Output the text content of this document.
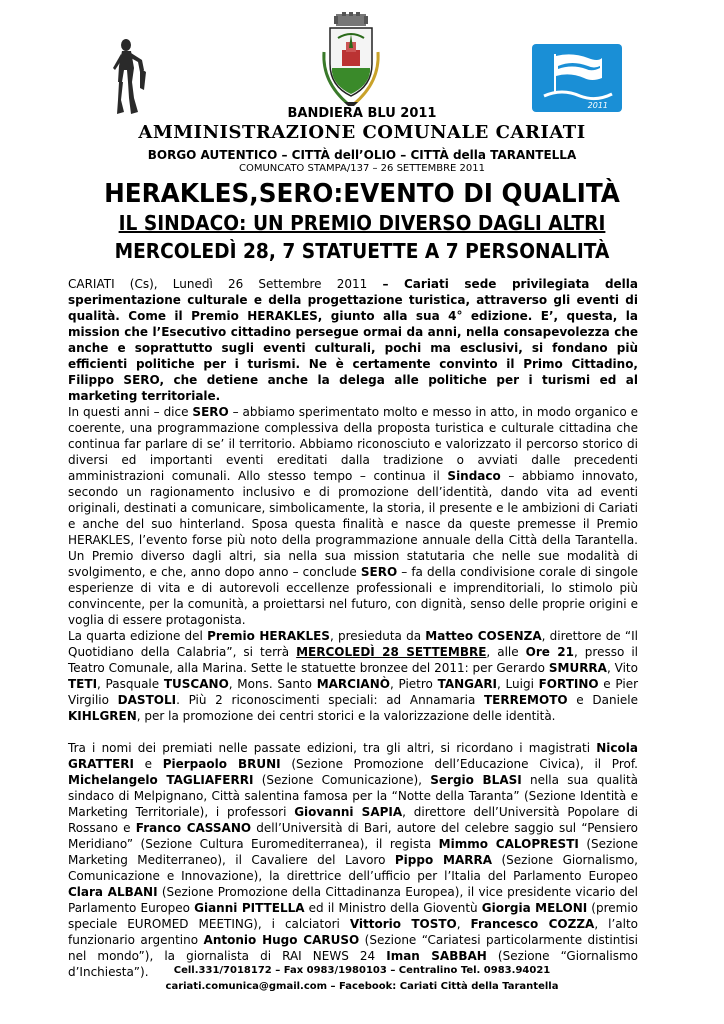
2011
BANDIERA BLU 2011
AMMINISTRAZIONE COMUNALE CARIATI
BORGO AUTENTICO – CITTÀ dell’OLIO – CITTÀ della TARANTELLA
COMUNCATO STAMPA/137 – 26 SETTEMBRE 2011
HERAKLES,SERO:EVENTO DI QUALITÀ
IL SINDACO: UN PREMIO DIVERSO DAGLI ALTRI
MERCOLEDÌ 28, 7 STATUETTE A 7 PERSONALITÀ

CARIATI (Cs), Lunedì 26 Settembre 2011 – Cariati sede privilegiata della sperimentazione culturale e della progettazione turistica, attraverso gli eventi di qualità. Come il Premio HERAKLES, giunto alla sua 4° edizione. E’, questa, la mission che l’Esecutivo cittadino persegue ormai da anni, nella consapevolezza che anche e soprattutto sugli eventi culturali, pochi ma esclusivi, si fondano più efficienti politiche per i turismi. Ne è certamente convinto il Primo Cittadino, Filippo SERO, che detiene anche la delega alle politiche per i turismi ed al marketing territoriale.

In questi anni – dice SERO – abbiamo sperimentato molto e messo in atto, in modo organico e coerente, una programmazione complessiva della proposta turistica e culturale cittadina che continua far parlare di se’ il territorio. Abbiamo riconosciuto e valorizzato il percorso storico di diversi ed importanti eventi ereditati dalla tradizione o avviati dalle precedenti amministrazioni comunali. Allo stesso tempo – continua il Sindaco – abbiamo innovato, secondo un ragionamento inclusivo e di promozione dell’identità, dando vita ad eventi originali, destinati a comunicare, simbolicamente, la storia, il presente e le ambizioni di Cariati e anche del suo hinterland. Sposa questa finalità e nasce da queste premesse il Premio HERAKLES, l’evento forse più noto della programmazione annuale della Città della Tarantella. Un Premio diverso dagli altri, sia nella sua mission statutaria che nelle sue modalità di svolgimento, e che, anno dopo anno – conclude SERO – fa della condivisione corale di singole esperienze di vita e di autorevoli eccellenze professionali e imprenditoriali, lo stimolo più convincente, per la comunità, a proiettarsi nel futuro, con dignità, senso delle proprie origini e voglia di essere protagonista.

La quarta edizione del Premio HERAKLES, presieduta da Matteo COSENZA, direttore de “Il Quotidiano della Calabria”, si terrà MERCOLEDÌ 28 SETTEMBRE, alle Ore 21, presso il Teatro Comunale, alla Marina. Sette le statuette bronzee del 2011: per Gerardo SMURRA, Vito TETI, Pasquale TUSCANO, Mons. Santo MARCIANÒ, Pietro TANGARI, Luigi FORTINO e Pier Virgilio DASTOLI. Più 2 riconoscimenti speciali: ad Annamaria TERREMOTO e Daniele KIHLGREN, per la promozione dei centri storici e la valorizzazione delle identità.

Tra i nomi dei premiati nelle passate edizioni, tra gli altri, si ricordano i magistrati Nicola GRATTERI e Pierpaolo BRUNI (Sezione Promozione dell’Educazione Civica), il Prof. Michelangelo TAGLIAFERRI (Sezione Comunicazione), Sergio BLASI nella sua qualità sindaco di Melpignano, Città salentina famosa per la “Notte della Taranta” (Sezione Identità e Marketing Territoriale), i professori Giovanni SAPIA, direttore dell’Università Popolare di Rossano e Franco CASSANO dell’Università di Bari, autore del celebre saggio sul “Pensiero Meridiano” (Sezione Cultura Euromediterranea), il regista Mimmo CALOPRESTI (Sezione Marketing Mediterraneo), il Cavaliere del Lavoro Pippo MARRA (Sezione Giornalismo, Comunicazione e Innovazione), la direttrice dell’ufficio per l’Italia del Parlamento Europeo Clara ALBANI (Sezione Promozione della Cittadinanza Europea), il vice presidente vicario del Parlamento Europeo Gianni PITTELLA ed il Ministro della Gioventù Giorgia MELONI (premio speciale EUROMED MEETING), i calciatori Vittorio TOSTO, Francesco COZZA, l’alto funzionario argentino Antonio Hugo CARUSO (Sezione “Cariatesi particolarmente distintisi nel mondo”), la giornalista di RAI NEWS 24 Iman SABBAH (Sezione “Giornalismo d’Inchiesta”).	Cell.331/7018172 – Fax 0983/1980103 – Centralino Tel. 0983.94021
cariati.comunica@gmail.com – Facebook: Cariati Città della Tarantella
